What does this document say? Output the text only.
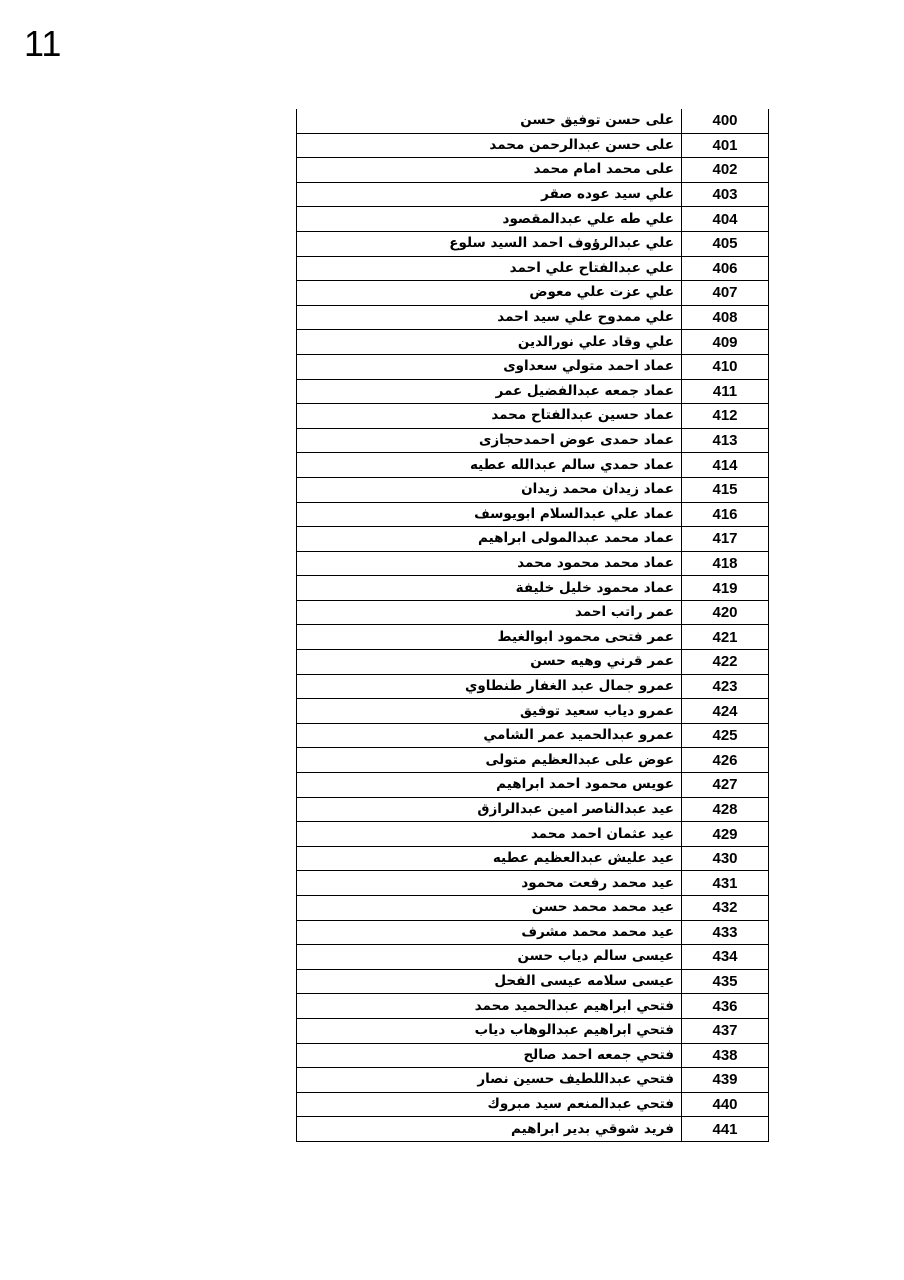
11
400	على حسن توفيق حسن
401	على حسن عبدالرحمن محمد
402	على محمد امام محمد
403	علي سيد عوده صقر
404	علي طه علي عبدالمقصود
405	علي عبدالرؤوف احمد السيد سلوع
406	علي عبدالفتاح علي احمد
407	علي عزت علي معوض
408	علي ممدوح علي سيد احمد
409	علي وقاد علي نورالدين
410	عماد احمد متولي سعداوى
411	عماد جمعه عبدالفضيل عمر
412	عماد حسين عبدالفتاح محمد
413	عماد حمدى عوض احمدحجازى
414	عماد حمدي سالم عبدالله عطيه
415	عماد زيدان محمد زيدان
416	عماد علي عبدالسلام ابويوسف
417	عماد محمد عبدالمولى ابراهيم
418	عماد محمد محمود محمد
419	عماد محمود خليل خليفة
420	عمر راتب احمد
421	عمر فتحى محمود ابوالغيط
422	عمر قرني وهيه حسن
423	عمرو جمال عبد الغفار طنطاوي
424	عمرو دياب سعيد توفيق
425	عمرو عبدالحميد عمر الشامي
426	عوض على عبدالعظيم متولى
427	عويس محمود احمد ابراهيم
428	عيد عبدالناصر امين عبدالرازق
429	عيد عثمان احمد محمد
430	عيد عليش عبدالعظيم عطيه
431	عيد محمد رفعت محمود
432	عيد محمد محمد حسن
433	عيد محمد محمد مشرف
434	عيسى سالم دياب حسن
435	عيسى سلامه عيسى الفحل
436	فتحي ابراهيم عبدالحميد محمد
437	فتحي ابراهيم عبدالوهاب دياب
438	فتحي جمعه احمد صالح
439	فتحي عبداللطيف حسين نصار
440	فتحي عبدالمنعم سيد مبروك
441	فريد شوقي بدير ابراهيم
